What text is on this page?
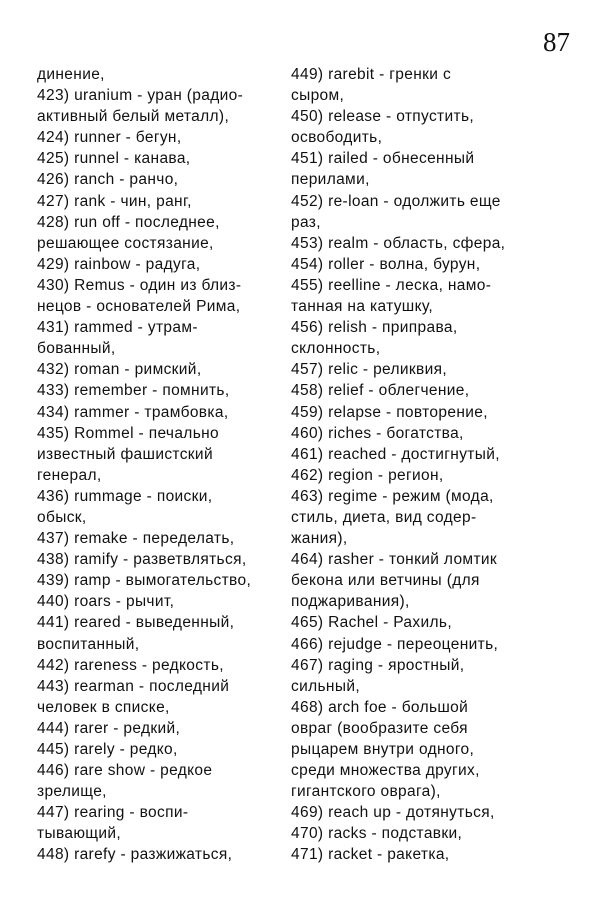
87
динение,
423) uranium - уран (радио-
активный белый металл),
424) runner - бегун,
425) runnel - канава,
426) ranch - ранчо,
427) rank - чин, ранг,
428) run off - последнее,
решающее состязание,
429) rainbow - радуга,
430) Remus - один из близ-
нецов - основателей Рима,
431) rammed - утрам-
бованный,
432) roman - римский,
433) remember - помнить,
434) rammer - трамбовка,
435) Rommel - печально
известный фашистский
генерал,
436) rummage - поиски,
обыск,
437) remake - переделать,
438) ramify - разветвляться,
439) ramp - вымогательство,
440) roars - рычит,
441) reared - выведенный,
воспитанный,
442) rareness - редкость,
443) rearman - последний
человек в списке,
444) rarer - редкий,
445) rarely - редко,
446) rare show - редкое
зрелище,
447) rearing - воспи-
тывающий,
448) rarefy - разжижаться,
449) rarebit - гренки с
сыром,
450) release - отпустить,
освободить,
451) railed - обнесенный
перилами,
452) re-loan - одолжить еще
раз,
453) realm - область, сфера,
454) roller - волна, бурун,
455) reelline - леска, намо-
танная на катушку,
456) relish - приправа,
склонность,
457) relic - реликвия,
458) relief - облегчение,
459) relapse - повторение,
460) riches - богатства,
461) reached - достигнутый,
462) region - регион,
463) regime - режим (мода,
стиль, диета, вид содер-
жания),
464) rasher - тонкий ломтик
бекона или ветчины (для
поджаривания),
465) Rachel - Рахиль,
466) rejudge - переоценить,
467) raging - яростный,
сильный,
468) arch foe - большой
овраг (вообразите себя
рыцарем внутри одного,
среди множества других,
гигантского оврага),
469) reach up - дотянуться,
470) racks - подставки,
471) racket - ракетка,
